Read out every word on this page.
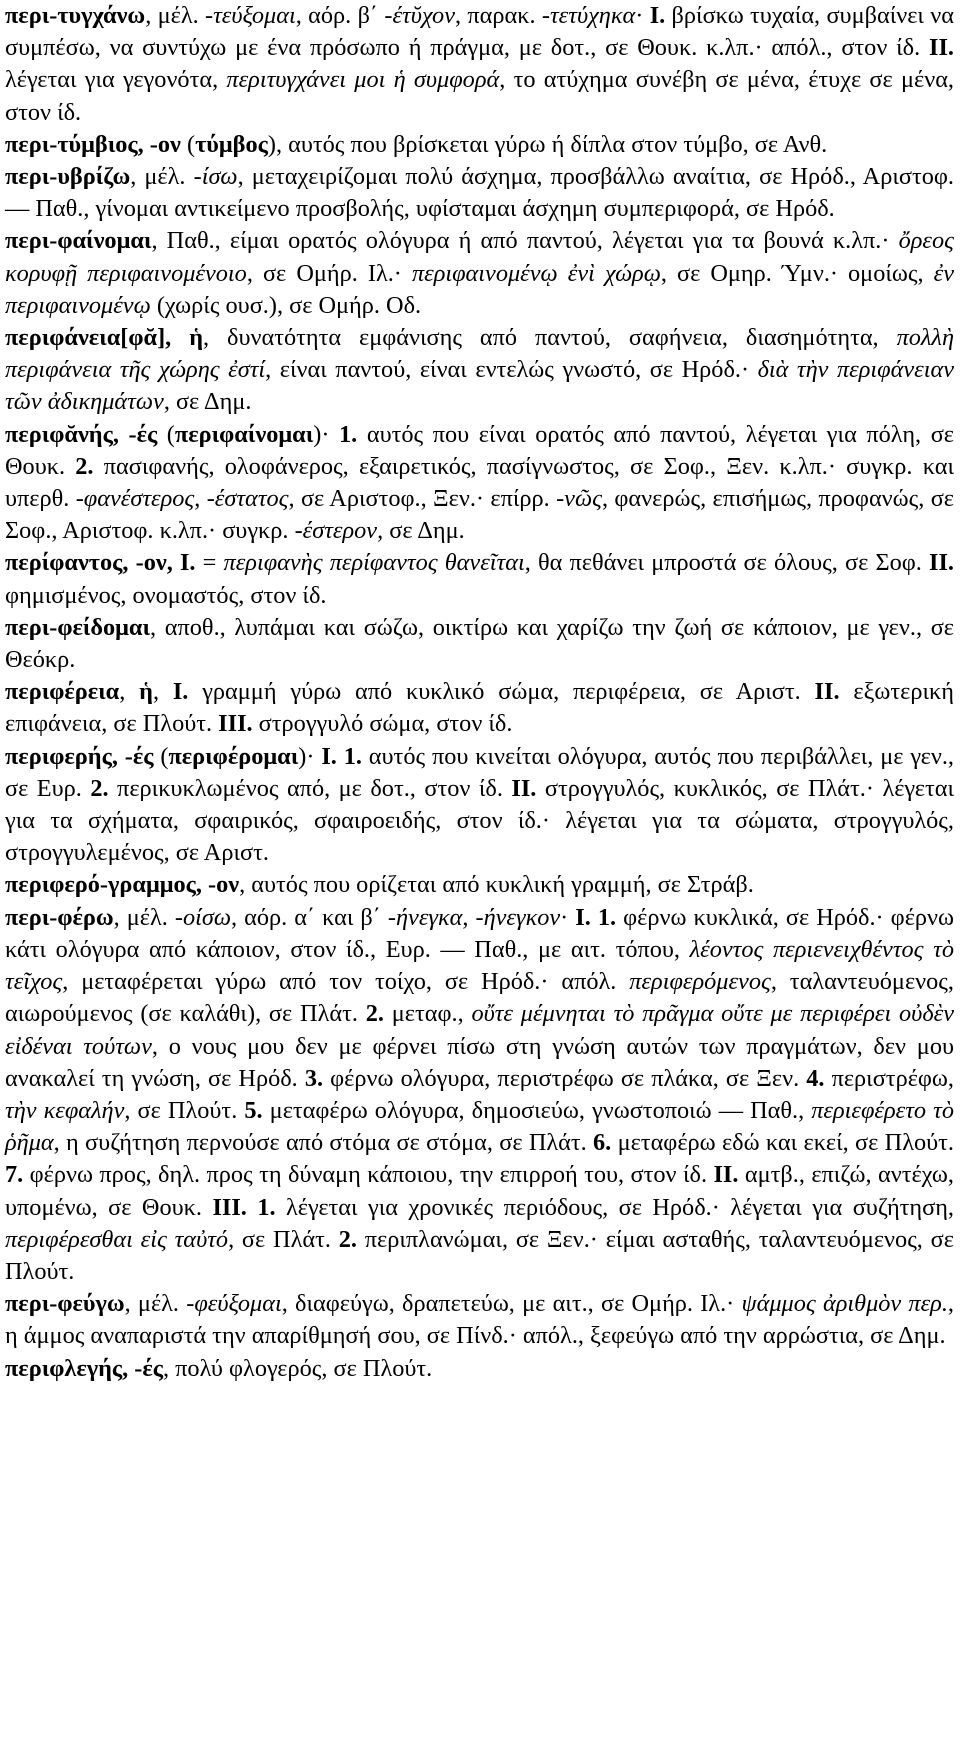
περι-τυγχάνω, μέλ. -τεύξομαι, αόρ. β΄ -έτῠχον, παρακ. -τετύχηκα· I. βρίσκω τυχαία, συμβαίνει να συμπέσω, να συντύχω με ένα πρόσωπο ή πράγμα, με δοτ., σε Θουκ. κ.λπ.· απόλ., στον ίδ. II. λέγεται για γεγονότα, περιτυγχάνει μοι ἡ συμφορά, το ατύχημα συνέβη σε μένα, έτυχε σε μένα, στον ίδ.

περι-τύμβιος, -ον (τύμβος), αυτός που βρίσκεται γύρω ή δίπλα στον τύμβο, σε Ανθ.

περι-υβρίζω, μέλ. -ίσω, μεταχειρίζομαι πολύ άσχημα, προσβάλλω αναίτια, σε Ηρόδ., Αριστοφ. — Παθ., γίνομαι αντικείμενο προσβολής, υφίσταμαι άσχημη συμπεριφορά, σε Ηρόδ.

περι-φαίνομαι, Παθ., είμαι ορατός ολόγυρα ή από παντού, λέγεται για τα βουνά κ.λπ.· ὄρεος κορυφῇ περιφαινομένοιο, σε Ομήρ. Ιλ.· περιφαινομένῳ ἐνὶ χώρῳ, σε Ομηρ. Ύμν.· ομοίως, ἐν περιφαινομένῳ (χωρίς ουσ.), σε Ομήρ. Οδ.

περιφάνεια[φᾰ], ἡ, δυνατότητα εμφάνισης από παντού, σαφήνεια, διασημότητα, πολλὴ περιφάνεια τῆς χώρης ἐστί, είναι παντού, είναι εντελώς γνωστό, σε Ηρόδ.· διὰ τὴν περιφάνειαν τῶν ἀδικημάτων, σε Δημ.

περιφᾰνής, -ές (περιφαίνομαι)· 1. αυτός που είναι ορατός από παντού, λέγεται για πόλη, σε Θουκ. 2. πασιφανής, ολοφάνερος, εξαιρετικός, πασίγνωστος, σε Σοφ., Ξεν. κ.λπ.· συγκρ. και υπερθ. -φανέστερος, -έστατος, σε Αριστοφ., Ξεν.· επίρρ. -νῶς, φανερώς, επισήμως, προφανώς, σε Σοφ., Αριστοφ. κ.λπ.· συγκρ. -έστερον, σε Δημ.

περίφαντος, -ον, I. = περιφανὴς περίφαντος θανεῖται, θα πεθάνει μπροστά σε όλους, σε Σοφ. II. φημισμένος, ονομαστός, στον ίδ.

περι-φείδομαι, αποθ., λυπάμαι και σώζω, οικτίρω και χαρίζω την ζωή σε κάποιον, με γεν., σε Θεόκρ.

περιφέρεια, ἡ, I. γραμμή γύρω από κυκλικό σώμα, περιφέρεια, σε Αριστ. II. εξωτερική επιφάνεια, σε Πλούτ. III. στρογγυλό σώμα, στον ίδ.

περιφερής, -ές (περιφέρομαι)· I. 1. αυτός που κινείται ολόγυρα, αυτός που περιβάλλει, με γεν., σε Ευρ. 2. περικυκλωμένος από, με δοτ., στον ίδ. II. στρογγυλός, κυκλικός, σε Πλάτ.· λέγεται για τα σχήματα, σφαιρικός, σφαιροειδής, στον ίδ.· λέγεται για τα σώματα, στρογγυλός, στρογγυλεμένος, σε Αριστ.

περιφερό-γραμμος, -ον, αυτός που ορίζεται από κυκλική γραμμή, σε Στράβ.

περι-φέρω, μέλ. -οίσω, αόρ. α΄ και β΄ -ήνεγκα, -ήνεγκον· I. 1. φέρνω κυκλικά, σε Ηρόδ.· φέρνω κάτι ολόγυρα από κάποιον, στον ίδ., Ευρ. — Παθ., με αιτ. τόπου, λέοντος περιενειχθέντος τὸ τεῖχος, μεταφέρεται γύρω από τον τοίχο, σε Ηρόδ.· απόλ. περιφερόμενος, ταλαντευόμενος, αιωρούμενος (σε καλάθι), σε Πλάτ. 2. μεταφ., οὔτε μέμνηται τὸ πρᾶγμα οὔτε με περιφέρει οὐδὲν εἰδέναι τούτων, ο νους μου δεν με φέρνει πίσω στη γνώση αυτών των πραγμάτων, δεν μου ανακαλεί τη γνώση, σε Ηρόδ. 3. φέρνω ολόγυρα, περιστρέφω σε πλάκα, σε Ξεν. 4. περιστρέφω, τὴν κεφαλήν, σε Πλούτ. 5. μεταφέρω ολόγυρα, δημοσιεύω, γνωστοποιώ — Παθ., περιεφέρετο τὸ ῥῆμα, η συζήτηση περνούσε από στόμα σε στόμα, σε Πλάτ. 6. μεταφέρω εδώ και εκεί, σε Πλούτ. 7. φέρνω προς, δηλ. προς τη δύναμη κάποιου, την επιρροή του, στον ίδ. II. αμτβ., επιζώ, αντέχω, υπομένω, σε Θουκ. III. 1. λέγεται για χρονικές περιόδους, σε Ηρόδ.· λέγεται για συζήτηση, περιφέρεσθαι εἰς ταὐτό, σε Πλάτ. 2. περιπλανώμαι, σε Ξεν.· είμαι ασταθής, ταλαντευόμενος, σε Πλούτ.

περι-φεύγω, μέλ. -φεύξομαι, διαφεύγω, δραπετεύω, με αιτ., σε Ομήρ. Ιλ.· ψάμμος ἀριθμὸν περ., η άμμος αναπαριστά την απαρίθμησή σου, σε Πίνδ.· απόλ., ξεφεύγω από την αρρώστια, σε Δημ.

περιφλεγής, -ές, πολύ φλογερός, σε Πλούτ.
